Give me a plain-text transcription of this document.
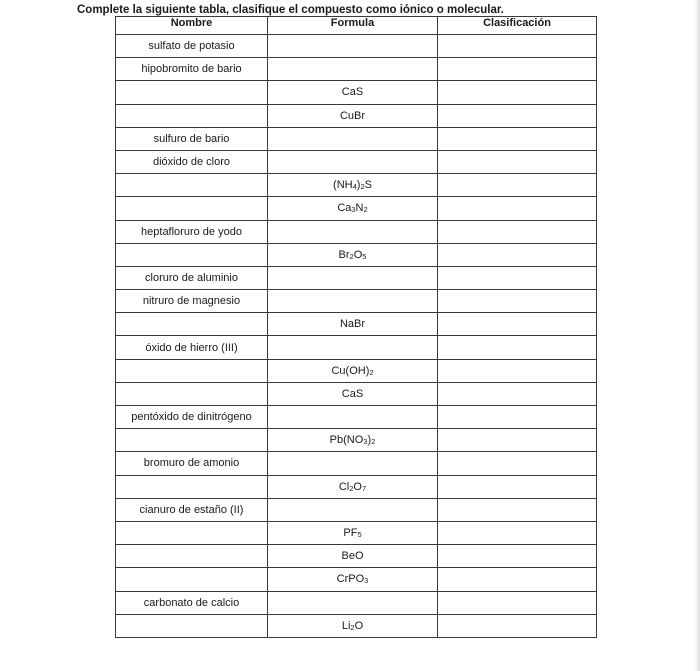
Complete la siguiente tabla, clasifique el compuesto como iónico o molecular.
Nombre	Formula	Clasificación
sulfato de potasio		
hipobromito de bario		
	CaS	
	CuBr	
sulfuro de bario		
dióxido de cloro		
	$(NH_4)_2S$	
	$Ca_3N_2$	
heptafloruro de yodo		
	$Br_2O_5$	
cloruro de aluminio		
nitruro de magnesio		
	NaBr	
óxido de hierro (III)		
	$Cu(OH)_2$	
	CaS	
pentóxido de dinitrógeno		
	$Pb(NO_3)_2$	
bromuro de amonio		
	$Cl_2O_7$	
cianuro de estaño (II)		
	$PF_5$	
	BeO	
	CrPO$_3$	
carbonato de calcio		
	$Li_2O$	
